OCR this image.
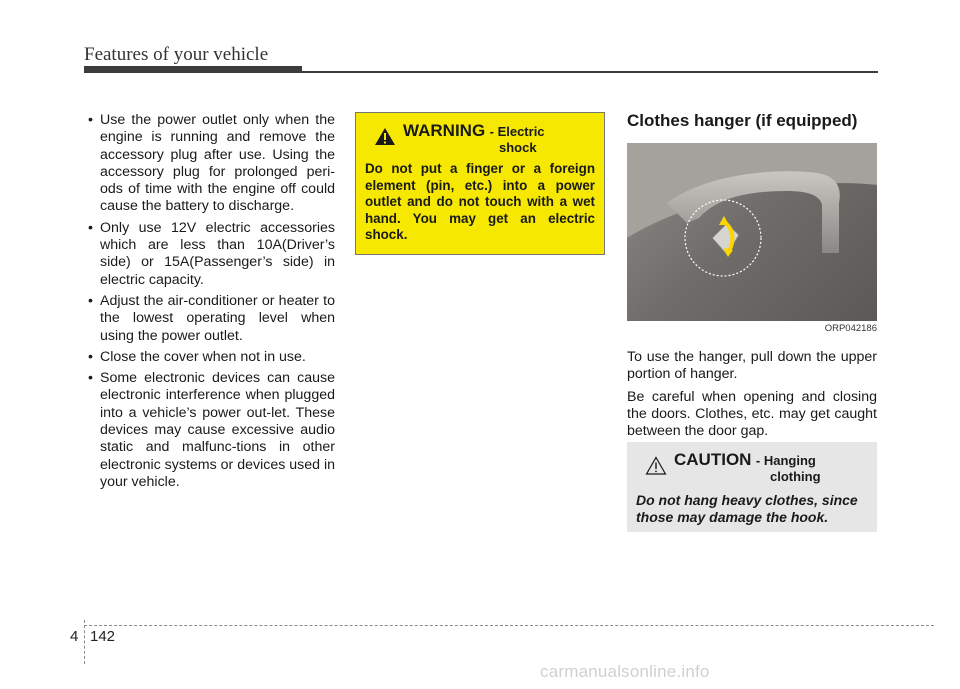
Features of your vehicle
• Use the power outlet only when the engine is running and remove the accessory plug after use. Using the accessory plug for prolonged peri-ods of time with the engine off could cause the battery to discharge.
• Only use 12V electric accessories which are less than 10A(Driver’s side) or 15A(Passenger’s side) in electric capacity.
• Adjust the air-conditioner or heater to the lowest operating level when using the power outlet.
• Close the cover when not in use.
• Some electronic devices can cause electronic interference when plugged into a vehicle’s power out-let. These devices may cause excessive audio static and malfunc-tions in other electronic systems or devices used in your vehicle.
WARNING - Electric
shock
Do not put a finger or a foreign element (pin, etc.) into a power outlet and do not touch with a wet hand. You may get an electric shock.
Clothes hanger (if equipped)
ORP042186

To use the hanger, pull down the upper portion of hanger.

Be careful when opening and closing the doors. Clothes, etc. may get caught between the door gap.

CAUTION - Hanging
clothing
Do not hang heavy clothes, since those may damage the hook.
4 142
carmanualsonline.info
